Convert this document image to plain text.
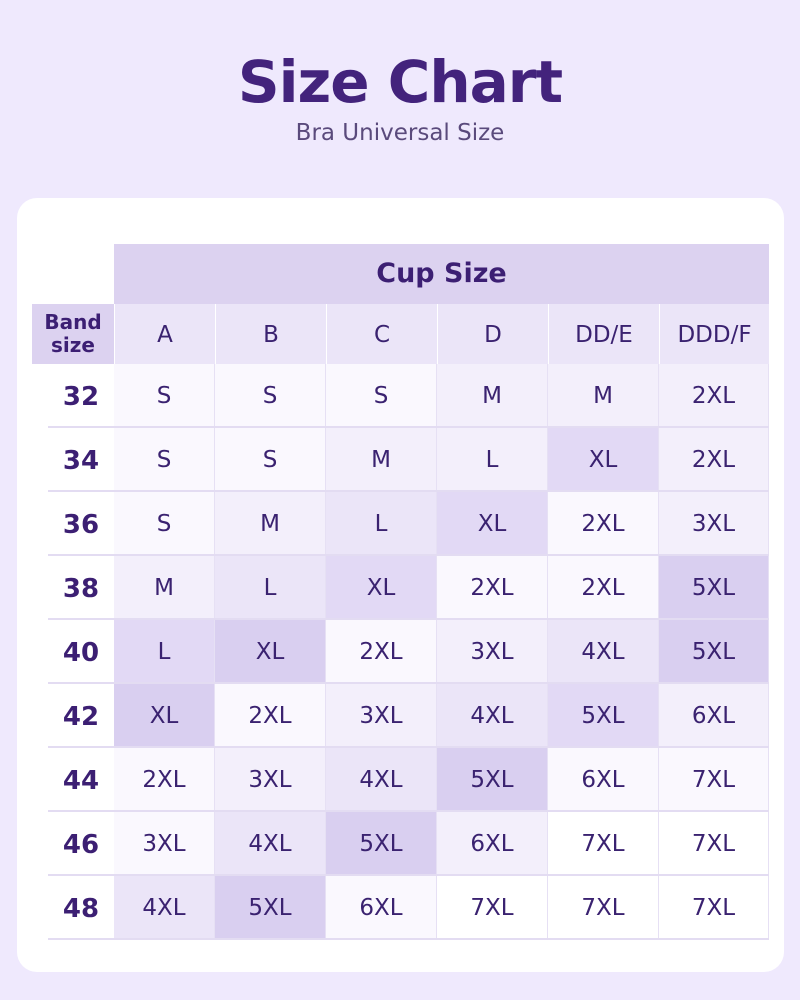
Size Chart
Bra Universal Size
Cup Size
Band
size	A	B	C	D	DD/E	DDD/F
32	S	S	S	M	M	2XL
34	S	S	M	L	XL	2XL
36	S	M	L	XL	2XL	3XL
38	M	L	XL	2XL	2XL	5XL
40	L	XL	2XL	3XL	4XL	5XL
42	XL	2XL	3XL	4XL	5XL	6XL
44	2XL	3XL	4XL	5XL	6XL	7XL
46	3XL	4XL	5XL	6XL	7XL	7XL
48	4XL	5XL	6XL	7XL	7XL	7XL
